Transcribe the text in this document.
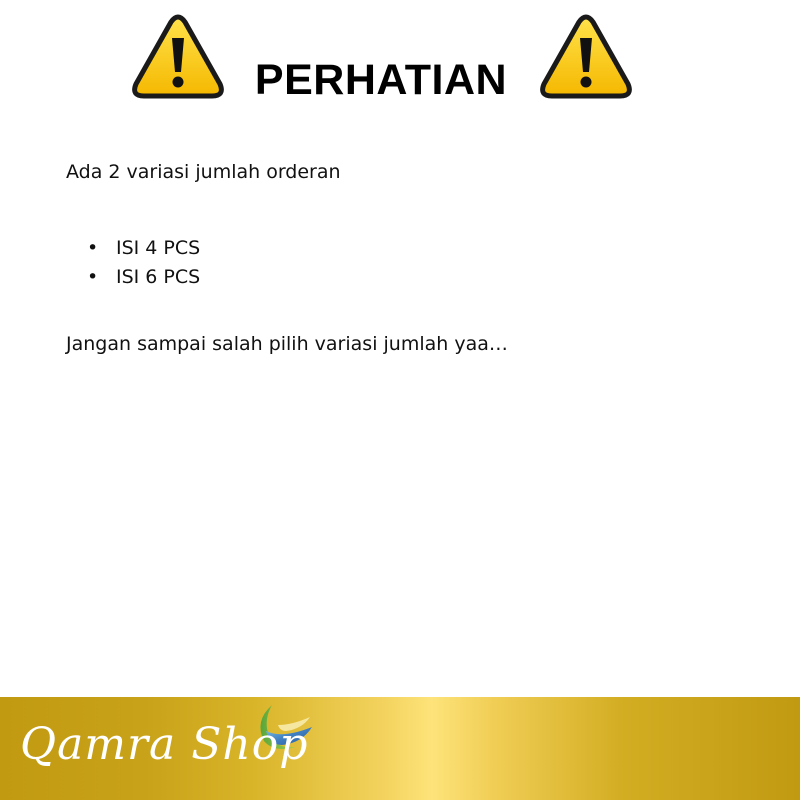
PERHATIAN

Ada 2 variasi jumlah orderan

• ISI 4 PCS
• ISI 6 PCS

Jangan sampai salah pilih variasi jumlah yaa…

Qamra Shop
